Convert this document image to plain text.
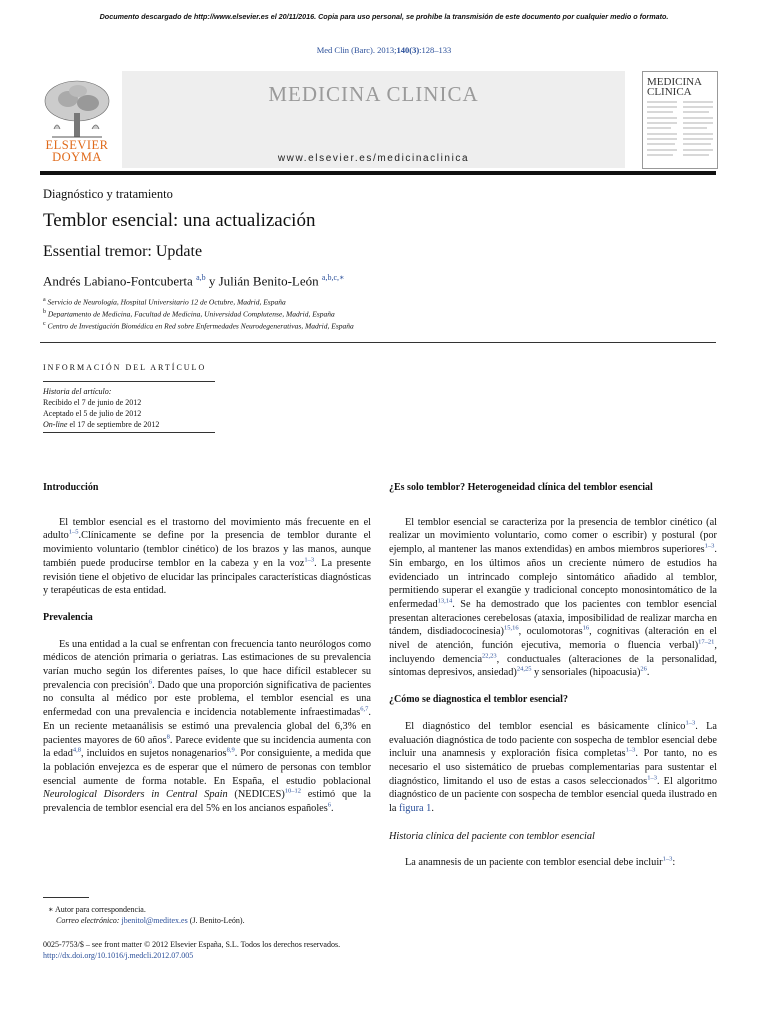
Documento descargado de http://www.elsevier.es el 20/11/2016. Copia para uso personal, se prohíbe la transmisión de este documento por cualquier medio o formato.
Med Clin (Barc). 2013;140(3):128–133
ELSEVIER
DOYMA
MEDICINA CLINICA
www.elsevier.es/medicinaclinica
MEDICINA
CLINICA
Diagnóstico y tratamiento
Temblor esencial: una actualización
Essential tremor: Update
Andrés Labiano-Fontcuberta $^{a,b}$ y Julián Benito-León $^{a,b,c,∗}$
$^a$ Servicio de Neurología, Hospital Universitario 12 de Octubre, Madrid, España
$^b$ Departamento de Medicina, Facultad de Medicina, Universidad Complutense, Madrid, España
$^c$ Centro de Investigación Biomédica en Red sobre Enfermedades Neurodegenerativas, Madrid, España
INFORMACIÓN DEL ARTÍCULO
Historia del artículo:
Recibido el 7 de junio de 2012
Aceptado el 5 de julio de 2012
On-line el 17 de septiembre de 2012
Introducción

El temblor esencial es el trastorno del movimiento más frecuente en el adulto$^{1-5}$.Clínicamente se define por la presencia de temblor durante el movimiento voluntario (temblor cinético) de los brazos y las manos, aunque también puede producirse temblor en la cabeza y en la voz$^{1-3}$. La presente revisión tiene el objetivo de elucidar las principales características diagnósticas y terapéuticas de esta entidad.

Prevalencia

Es una entidad a la cual se enfrentan con frecuencia tanto neurólogos como médicos de atención primaria o geriatras. Las estimaciones de su prevalencia varían mucho según los diferentes países, lo que hace difícil establecer su prevalencia con precisión$^6$. Dado que una proporción significativa de pacientes no consulta al médico por este problema, el temblor esencial es una enfermedad con una prevalencia e incidencia notablemente infraestimadas$^{6,7}$. En un reciente metaanálisis se estimó una prevalencia global del 6,3% en pacientes mayores de 60 años$^8$. Parece evidente que su incidencia aumenta con la edad$^{4,8}$, incluidos en sujetos nonagenarios$^{8,9}$. Por consiguiente, a medida que la población envejezca es de esperar que el número de personas con temblor esencial aumente de forma notable. En España, el estudio poblacional Neurological Disorders in Central Spain (NEDICES)$^{10-12}$ estimó que la prevalencia de temblor esencial era del 5% en los ancianos españoles$^6$.

¿Es solo temblor? Heterogeneidad clínica del temblor esencial

El temblor esencial se caracteriza por la presencia de temblor cinético (al realizar un movimiento voluntario, como comer o escribir) y postural (por ejemplo, al mantener las manos extendidas) en ambos miembros superiores$^{1-3}$. Sin embargo, en los últimos años un creciente número de estudios ha evidenciado un intrincado complejo sintomático añadido al temblor, permitiendo superar el exangüe y tradicional concepto monosintomático de la enfermedad$^{13,14}$. Se ha demostrado que los pacientes con temblor esencial presentan alteraciones cerebelosas (ataxia, imposibilidad de realizar marcha en tándem, disdiadococinesia)$^{15,16}$, oculomotoras$^{16}$, cognitivas (alteración en el nivel de atención, función ejecutiva, memoria o fluencia verbal)$^{17-21}$, incluyendo demencia$^{22,23}$, conductuales (alteraciones de la personalidad, síntomas depresivos, ansiedad)$^{24,25}$ y sensoriales (hipoacusia)$^{26}$.

¿Cómo se diagnostica el temblor esencial?

El diagnóstico del temblor esencial es básicamente clínico$^{1-3}$. La evaluación diagnóstica de todo paciente con sospecha de temblor esencial debe incluir una anamnesis y exploración física completas$^{1-3}$. Por tanto, no es necesario el uso sistemático de pruebas complementarias para sustentar el diagnóstico, limitando el uso de estas a casos seleccionados$^{1-3}$. El algoritmo diagnóstico de un paciente con sospecha de temblor esencial queda ilustrado en la figura 1.

Historia clínica del paciente con temblor esencial

La anamnesis de un paciente con temblor esencial debe incluir$^{1-3}$:

∗ Autor para correspondencia.
Correo electrónico: jbenitol@meditex.es (J. Benito-León).
0025-7753/$ – see front matter © 2012 Elsevier España, S.L. Todos los derechos reservados.
http://dx.doi.org/10.1016/j.medcli.2012.07.005
